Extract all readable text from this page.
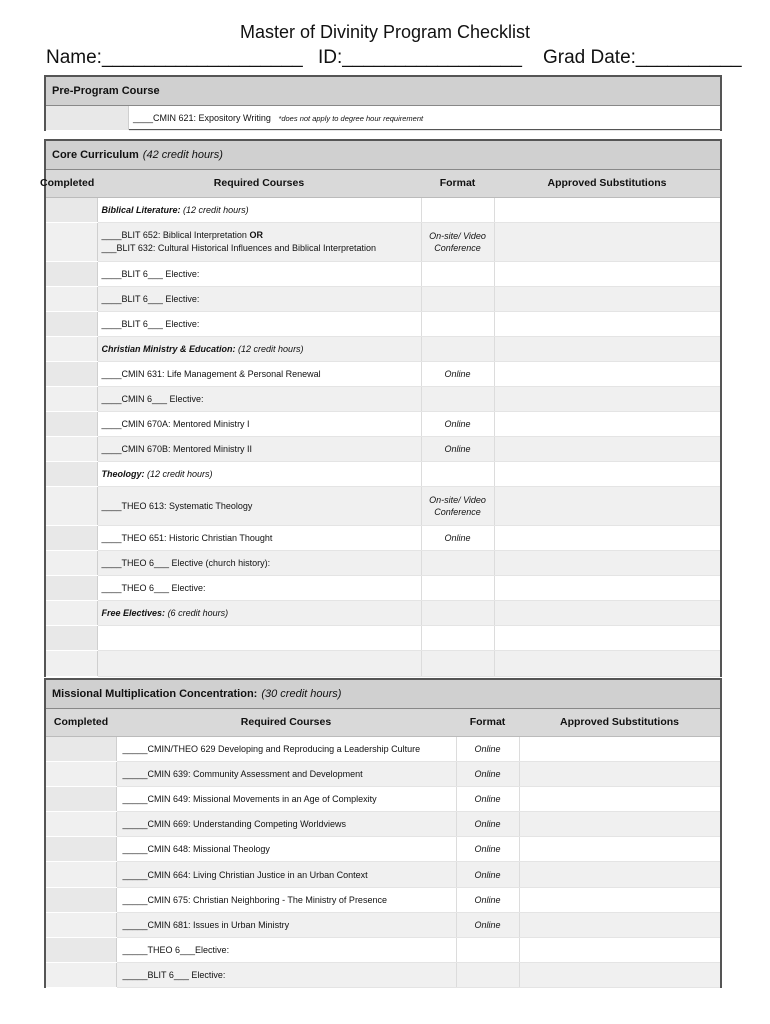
Master of Divinity Program Checklist
Name:___________________ ID:_________________ Grad Date:__________
Pre-Program Course
	____CMIN 621: Expository Writing *does not apply to degree hour requirement
Core Curriculum (42 credit hours)
Completed	Required Courses	Format	Approved Substitutions
	Biblical Literature: (12 credit hours)		
	____BLIT 652: Biblical Interpretation OR
___BLIT 632: Cultural Historical Influences and Biblical Interpretation	On-site/ Video Conference	
	____BLIT 6___ Elective:		
	____BLIT 6___ Elective:		
	____BLIT 6___ Elective:		
	Christian Ministry & Education: (12 credit hours)		
	____CMIN 631: Life Management & Personal Renewal	Online	
	____CMIN 6___ Elective:		
	____CMIN 670A: Mentored Ministry I	Online	
	____CMIN 670B: Mentored Ministry II	Online	
	Theology: (12 credit hours)		
	____THEO 613: Systematic Theology	On-site/ Video Conference	
	____THEO 651: Historic Christian Thought	Online	
	____THEO 6___ Elective (church history):		
	____THEO 6___ Elective:		
	Free Electives: (6 credit hours)		

Missional Multiplication Concentration: (30 credit hours)
Completed	Required Courses	Format	Approved Substitutions
	_____CMIN/THEO 629 Developing and Reproducing a Leadership Culture	Online	
	_____CMIN 639: Community Assessment and Development	Online	
	_____CMIN 649: Missional Movements in an Age of Complexity	Online	
	_____CMIN 669: Understanding Competing Worldviews	Online	
	_____CMIN 648: Missional Theology	Online	
	_____CMIN 664: Living Christian Justice in an Urban Context	Online	
	_____CMIN 675: Christian Neighboring - The Ministry of Presence	Online	
	_____CMIN 681: Issues in Urban Ministry	Online	
	_____THEO 6___Elective:		
	_____BLIT 6___ Elective:		
